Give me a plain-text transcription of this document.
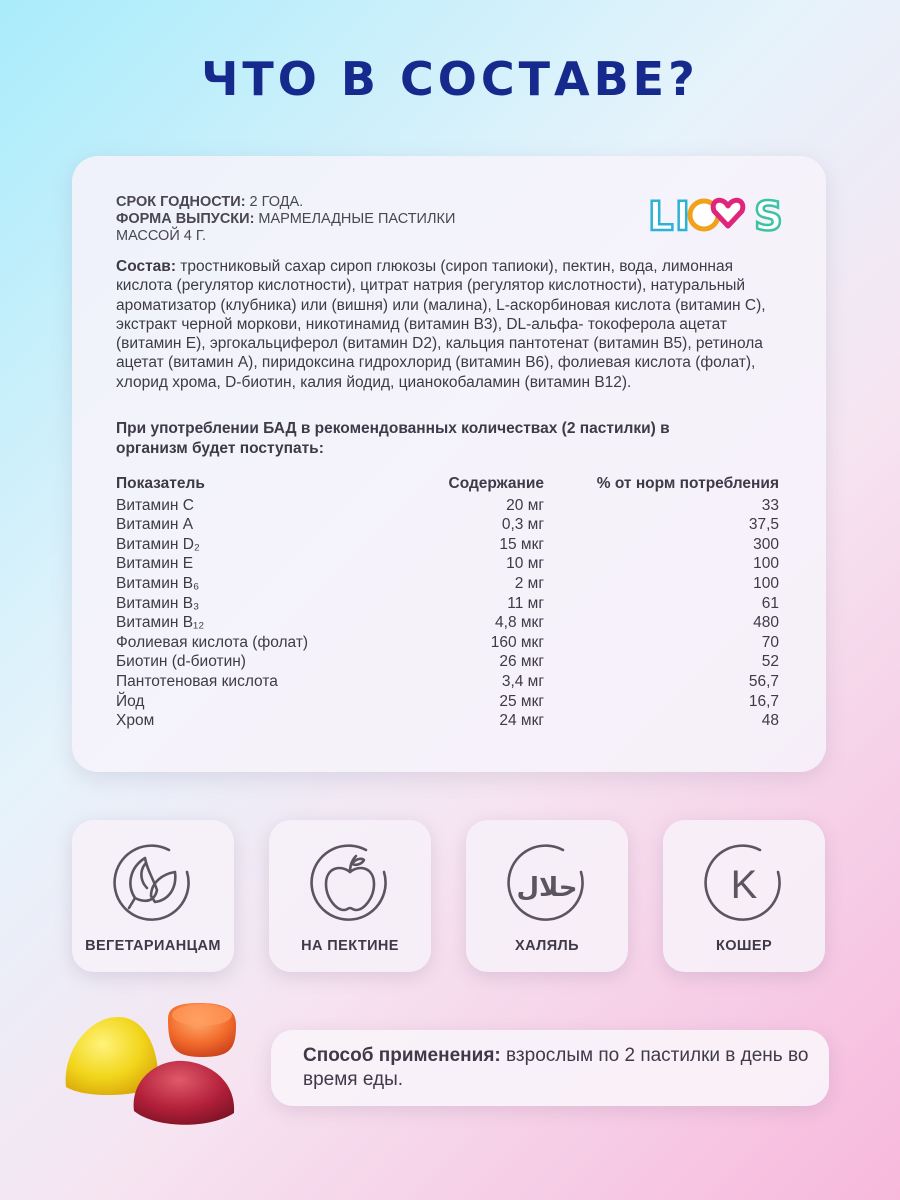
ЧТО В СОСТАВЕ?
СРОК ГОДНОСТИ: 2 ГОДА.
ФОРМА ВЫПУСКИ: МАРМЕЛАДНЫЕ ПАСТИЛКИ
МАССОЙ 4 Г.	L I S
LIVS
Состав: тростниковый сахар сироп глюкозы (сироп тапиоки), пектин, вода, лимонная кислота (регулятор кислотности), цитрат натрия (регулятор кислотности), натуральный ароматизатор (клубника) или (вишня) или (малина), L-аскорбиновая кислота (витамин С), экстракт черной моркови, никотинамид (витамин В3), DL-альфа- токоферола ацетат (витамин Е), эргокальциферол (витамин D2), кальция пантотенат (витамин В5), ретинола ацетат (витамин А), пиридоксина гидрохлорид (витамин В6), фолиевая кислота (фолат), хлорид хрома, D-биотин, калия йодид, цианокобаламин (витамин В12).
При употреблении БАД в рекомендованных количествах (2 пастилки) в организм будет поступать:
Показатель	Содержание	% от норм потребления
Витамин С	20 мг	33
Витамин А	0,3 мг	37,5
Витамин D₂	15 мкг	300
Витамин Е	10 мг	100
Витамин В₆	2 мг	100
Витамин В₃	11 мг	61
Витамин В₁₂	4,8 мкг	480
Фолиевая кислота (фолат)	160 мкг	70
Биотин (d-биотин)	26 мкг	52
Пантотеновая кислота	3,4 мг	56,7
Йод	25 мкг	16,7
Хром	24 мкг	48
ВЕГЕТАРИАНЦАМ	НА ПЕКТИНЕ
حلال
ХАЛЯЛЬ
K
КОШЕР
Способ применения: взрослым по 2 пастилки в день во время еды.
